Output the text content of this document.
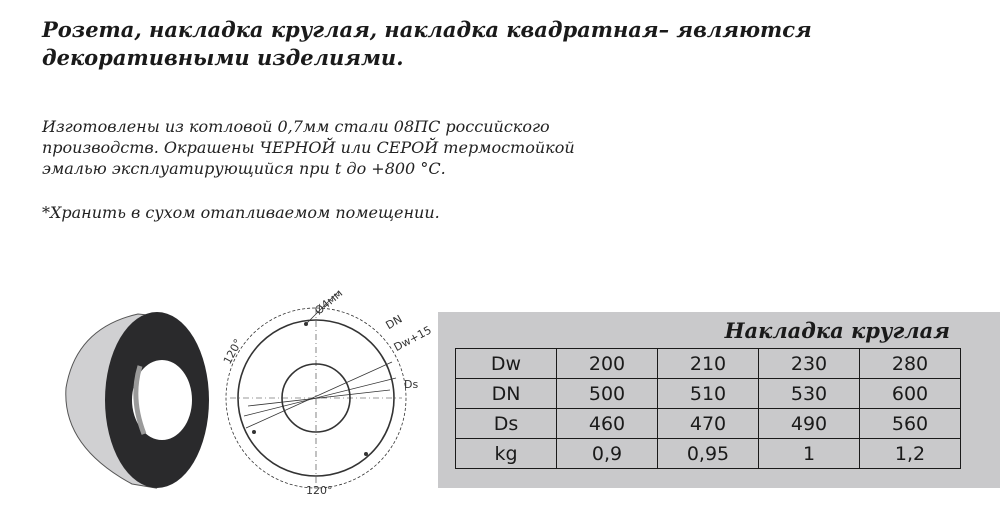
Розета, накладка круглая, накладка квадратная– являются декоративными изделиями.

Изготовлены из котловой 0,7мм стали 08ПС российского
производств. Окрашены ЧЕРНОЙ или СЕРОЙ термостойкой
эмалью эксплуатирующийся при t до +800 °С.

*Хранить в сухом отапливаемом помещении.

120°
120°
Ø4мм
DN
Dw+15
Ds
Накладка круглая
Dw	200	210	230	280
DN	500	510	530	600
Ds	460	470	490	560
kg	0,9	0,95	1	1,2
